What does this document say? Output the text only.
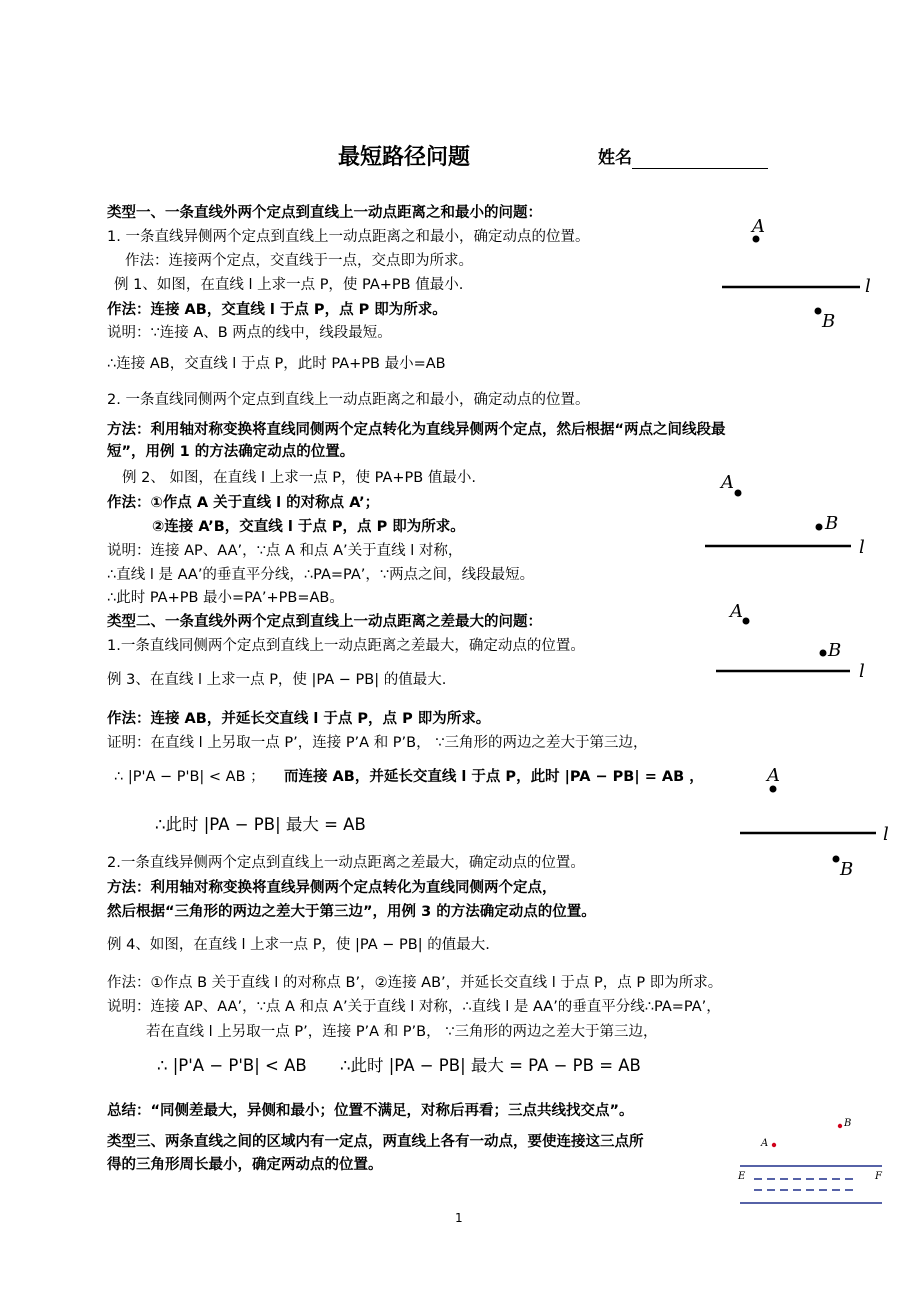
最短路径问题	姓名
类型一、一条直线外两个定点到直线上一动点距离之和最小的问题：
1. 一条直线异侧两个定点到直线上一动点距离之和最小，确定动点的位置。
作法：连接两个定点，交直线于一点，交点即为所求。
例 1、如图，在直线 l 上求一点 P，使 PA+PB 值最小.
作法：连接 AB，交直线 l 于点 P，点 P 即为所求。
说明：∵连接 A、B 两点的线中，线段最短。
∴连接 AB，交直线 l 于点 P，此时 PA+PB 最小=AB
2. 一条直线同侧两个定点到直线上一动点距离之和最小，确定动点的位置。
方法：利用轴对称变换将直线同侧两个定点转化为直线异侧两个定点，然后根据“两点之间线段最
短”，用例 1 的方法确定动点的位置。
例 2、 如图，在直线 l 上求一点 P，使 PA+PB 值最小.
作法：①作点 A 关于直线 l 的对称点 A’；
②连接 A’B，交直线 l 于点 P，点 P 即为所求。
说明：连接 AP、AA’，∵点 A 和点 A’关于直线 l 对称，
∴直线 l 是 AA’的垂直平分线，∴PA=PA’，∵两点之间，线段最短。
∴此时 PA+PB 最小=PA’+PB=AB。
类型二、一条直线外两个定点到直线上一动点距离之差最大的问题：
1.一条直线同侧两个定点到直线上一动点距离之差最大，确定动点的位置。
例 3、在直线 l 上求一点 P，使 |PA − PB| 的值最大.
作法：连接 AB，并延长交直线 l 于点 P，点 P 即为所求。
证明：在直线 l 上另取一点 P’，连接 P’A 和 P’B， ∵三角形的两边之差大于第三边，
∴ |P'A − P'B| < AB ； 而连接 AB，并延长交直线 l 于点 P，此时 |PA − PB| = AB ，
∴此时 |PA − PB| 最大 = AB
2.一条直线异侧两个定点到直线上一动点距离之差最大，确定动点的位置。
方法：利用轴对称变换将直线异侧两个定点转化为直线同侧两个定点，
然后根据“三角形的两边之差大于第三边”，用例 3 的方法确定动点的位置。
例 4、如图，在直线 l 上求一点 P，使 |PA − PB| 的值最大.
作法：①作点 B 关于直线 l 的对称点 B’，②连接 AB’，并延长交直线 l 于点 P，点 P 即为所求。
说明：连接 AP、AA’，∵点 A 和点 A’关于直线 l 对称，∴直线 l 是 AA’的垂直平分线∴PA=PA’，
若在直线 l 上另取一点 P’，连接 P’A 和 P’B， ∵三角形的两边之差大于第三边，
∴ |P'A − P'B| < AB ∴此时 |PA − PB| 最大 = PA − PB = AB
总结：“同侧差最大，异侧和最小；位置不满足，对称后再看；三点共线找交点”。
类型三、两条直线之间的区域内有一定点，两直线上各有一动点，要使连接这三点所
得的三角形周长最小，确定两动点的位置。
1
A
l
B
A
B
l
A
B
l
A
l
B
B
A
E	F
